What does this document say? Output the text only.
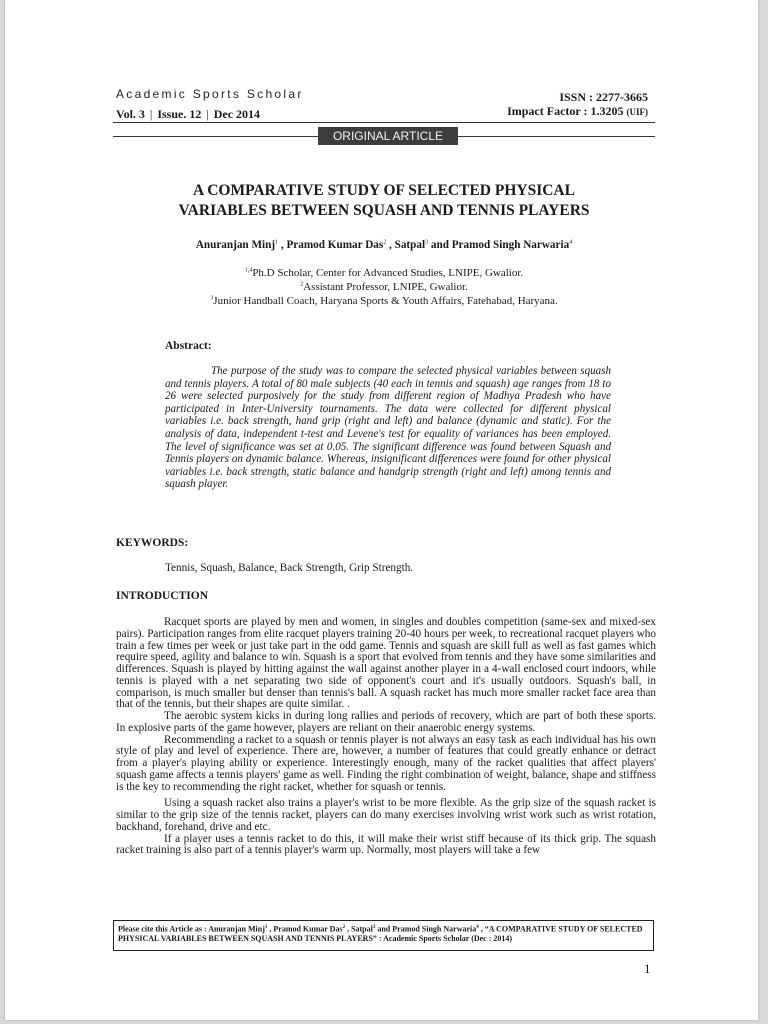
Academic Sports Scholar
Vol. 3 | Issue. 12 | Dec 2014
ISSN : 2277-3665
Impact Factor : 1.3205 (UIF)
ORIGINAL ARTICLE
A COMPARATIVE STUDY OF SELECTED PHYSICAL
VARIABLES BETWEEN SQUASH AND TENNIS PLAYERS
Anuranjan Minj$^1$ , Pramod Kumar Das$^2$ , Satpal$^3$ and Pramod Singh Narwaria$^4$
$^{1,4}$Ph.D Scholar, Center for Advanced Studies, LNIPE, Gwalior.
$^2$Assistant Professor, LNIPE, Gwalior.
$^3$Junior Handball Coach, Haryana Sports & Youth Affairs, Fatehabad, Haryana.
Abstract:
The purpose of the study was to compare the selected physical variables between squash and tennis players. A total of 80 male subjects (40 each in tennis and squash) age ranges from 18 to 26 were selected purposively for the study from different region of Madhya Pradesh who have participated in Inter-University tournaments. The data were collected for different physical variables i.e. back strength, hand grip (right and left) and balance (dynamic and static). For the analysis of data, independent t-test and Levene's test for equality of variances has been employed. The level of significance was set at 0.05. The significant difference was found between Squash and Tennis players on dynamic balance. Whereas, insignificant differences were found for other physical variables i.e. back strength, static balance and handgrip strength (right and left) among tennis and squash player.
KEYWORDS:
Tennis, Squash, Balance, Back Strength, Grip Strength.
INTRODUCTION

Racquet sports are played by men and women, in singles and doubles competition (same-sex and mixed-sex pairs). Participation ranges from elite racquet players training 20-40 hours per week, to recreational racquet players who train a few times per week or just take part in the odd game. Tennis and squash are skill full as well as fast games which require speed, agility and balance to win. Squash is a sport that evolved from tennis and they have some similarities and differences. Squash is played by hitting against the wall against another player in a 4-wall enclosed court indoors, while tennis is played with a net separating two side of opponent's court and it's usually outdoors. Squash's ball, in comparison, is much smaller but denser than tennis's ball. A squash racket has much more smaller racket face area than that of the tennis, but their shapes are quite similar. .

The aerobic system kicks in during long rallies and periods of recovery, which are part of both these sports. In explosive parts of the game however, players are reliant on their anaerobic energy systems.

Recommending a racket to a squash or tennis player is not always an easy task as each individual has his own style of play and level of experience. There are, however, a number of features that could greatly enhance or detract from a player's playing ability or experience. Interestingly enough, many of the racket qualities that affect players' squash game affects a tennis players' game as well. Finding the right combination of weight, balance, shape and stiffness is the key to recommending the right racket, whether for squash or tennis.

Using a squash racket also trains a player's wrist to be more flexible. As the grip size of the squash racket is similar to the grip size of the tennis racket, players can do many exercises involving wrist work such as wrist rotation, backhand, forehand, drive and etc.

If a player uses a tennis racket to do this, it will make their wrist stiff because of its thick grip. The squash racket training is also part of a tennis player's warm up. Normally, most players will take a few

Please cite this Article as : Anuranjan Minj$^1$ , Pramod Kumar Das$^2$ , Satpal$^3$ and Pramod Singh Narwaria$^4$ , “A COMPARATIVE STUDY OF SELECTED PHYSICAL VARIABLES BETWEEN SQUASH AND TENNIS PLAYERS” : Academic Sports Scholar (Dec : 2014)
1
